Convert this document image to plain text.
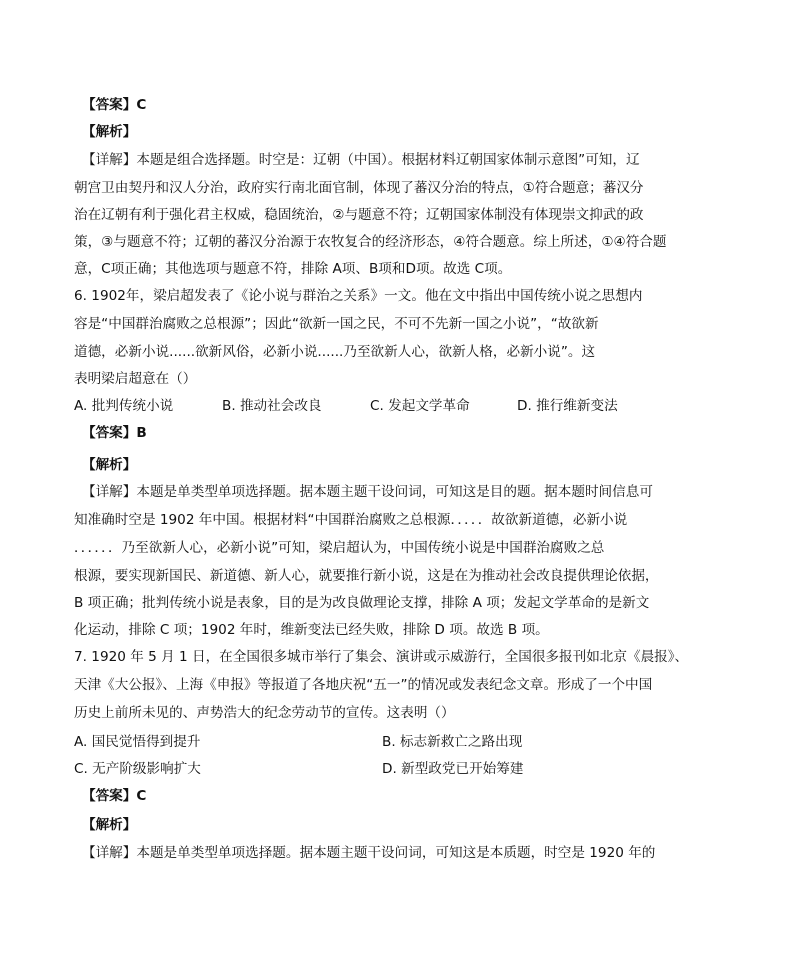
【答案】C
【解析】
【详解】本题是组合选择题。时空是：辽朝（中国）。根据材料辽朝国家体制示意图”可知，辽
朝宫卫由契丹和汉人分治，政府实行南北面官制，体现了蕃汉分治的特点，①符合题意；蕃汉分
治在辽朝有利于强化君主权威，稳固统治，②与题意不符；辽朝国家体制没有体现崇文抑武的政
策，③与题意不符；辽朝的蕃汉分治源于农牧复合的经济形态，④符合题意。综上所述，①④符合题
意，C项正确；其他选项与题意不符，排除 A项、B项和D项。故选 C项。
6. 1902年，梁启超发表了《论小说与群治之关系》一文。他在文中指出中国传统小说之思想内
容是“中国群治腐败之总根源”；因此“欲新一国之民，不可不先新一国之小说”，“故欲新
道德，必新小说......欲新风俗，必新小说......乃至欲新人心，欲新人格，必新小说”。这
表明梁启超意在（）
A. 批判传统小说	B. 推动社会改良	C. 发起文学革命	D. 推行维新变法
【答案】B
【解析】
【详解】本题是单类型单项选择题。据本题主题干设问词，可知这是目的题。据本题时间信息可
知准确时空是 1902 年中国。根据材料“中国群治腐败之总根源．．．．．故欲新道德，必新小说
．．．．．．乃至欲新人心，必新小说”可知，梁启超认为，中国传统小说是中国群治腐败之总
根源，要实现新国民、新道德、新人心，就要推行新小说，这是在为推动社会改良提供理论依据，
B 项正确；批判传统小说是表象，目的是为改良做理论支撑，排除 A 项；发起文学革命的是新文
化运动，排除 C 项；1902 年时，维新变法已经失败，排除 D 项。故选 B 项。
7. 1920 年 5 月 1 日，在全国很多城市举行了集会、演讲或示威游行，全国很多报刊如北京《晨报》、
天津《大公报》、上海《申报》等报道了各地庆祝“五一”的情况或发表纪念文章。形成了一个中国
历史上前所未见的、声势浩大的纪念劳动节的宣传。这表明（）
A. 国民觉悟得到提升	B. 标志新救亡之路出现
C. 无产阶级影响扩大	D. 新型政党已开始筹建
【答案】C
【解析】
【详解】本题是单类型单项选择题。据本题主题干设问词，可知这是本质题，时空是 1920 年的
